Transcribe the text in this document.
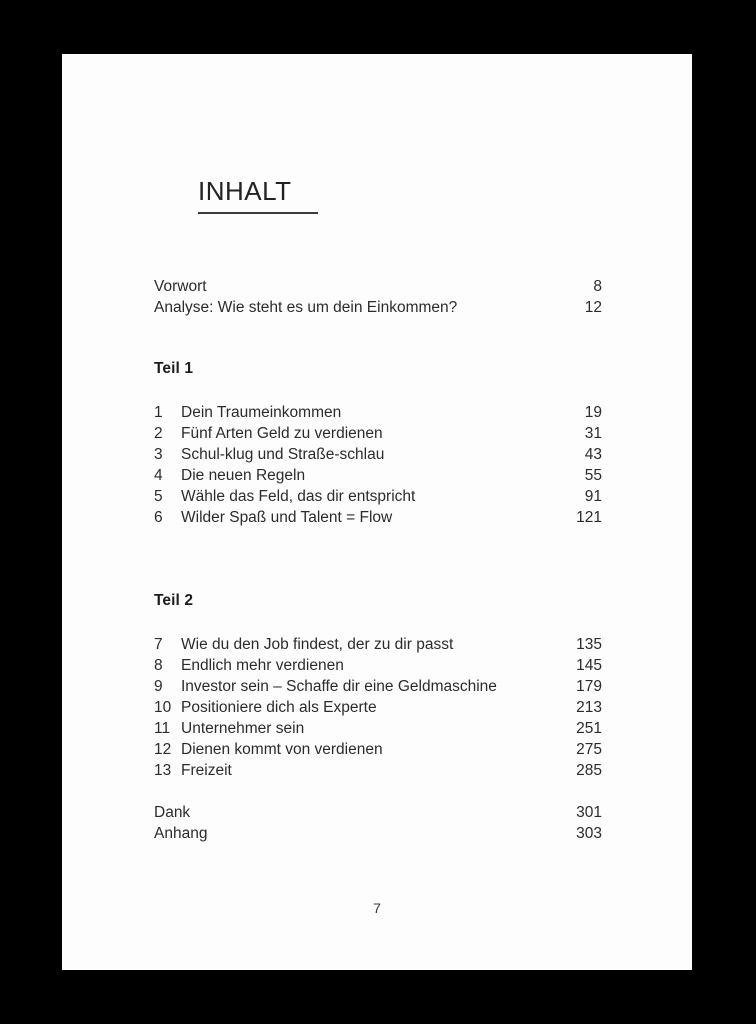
INHALT
Vorwort	8
Analyse: Wie steht es um dein Einkommen?	12
Teil 1
1	Dein Traumeinkommen	19
2	Fünf Arten Geld zu verdienen	31
3	Schul-klug und Straße-schlau	43
4	Die neuen Regeln	55
5	Wähle das Feld, das dir entspricht	91
6	Wilder Spaß und Talent = Flow	121
Teil 2
7	Wie du den Job findest, der zu dir passt	135
8	Endlich mehr verdienen	145
9	Investor sein – Schaffe dir eine Geldmaschine	179
10 Positioniere dich als Experte	213
11 Unternehmer sein	251
12 Dienen kommt von verdienen	275
13 Freizeit	285
Dank	301
Anhang	303
7
